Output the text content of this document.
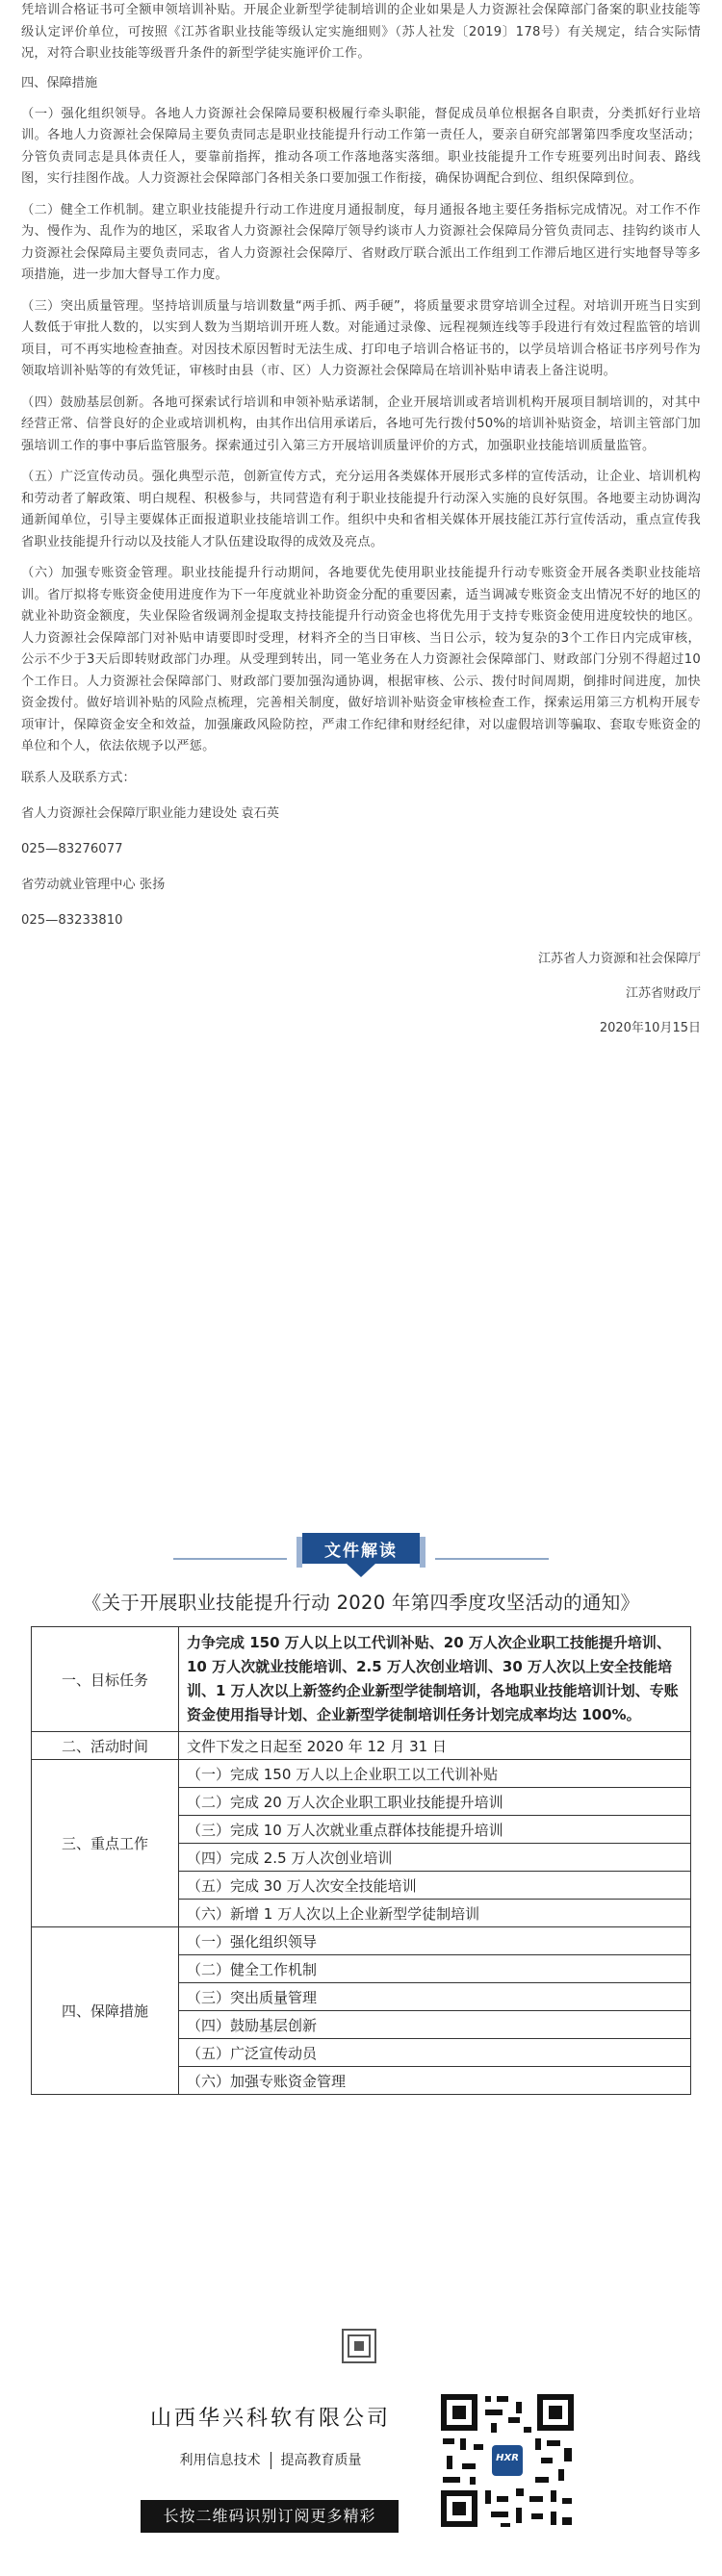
凭培训合格证书可全额申领培训补贴。开展企业新型学徒制培训的企业如果是人力资源社会保障部门备案的职业技能等级认定评价单位，可按照《江苏省职业技能等级认定实施细则》（苏人社发〔2019〕178号）有关规定，结合实际情况，对符合职业技能等级晋升条件的新型学徒实施评价工作。

四、保障措施

（一）强化组织领导。各地人力资源社会保障局要积极履行牵头职能，督促成员单位根据各自职责，分类抓好行业培训。各地人力资源社会保障局主要负责同志是职业技能提升行动工作第一责任人，要亲自研究部署第四季度攻坚活动；分管负责同志是具体责任人，要靠前指挥，推动各项工作落地落实落细。职业技能提升工作专班要列出时间表、路线图，实行挂图作战。人力资源社会保障部门各相关条口要加强工作衔接，确保协调配合到位、组织保障到位。

（二）健全工作机制。建立职业技能提升行动工作进度月通报制度，每月通报各地主要任务指标完成情况。对工作不作为、慢作为、乱作为的地区，采取省人力资源社会保障厅领导约谈市人力资源社会保障局分管负责同志、挂钩约谈市人力资源社会保障局主要负责同志，省人力资源社会保障厅、省财政厅联合派出工作组到工作滞后地区进行实地督导等多项措施，进一步加大督导工作力度。

（三）突出质量管理。坚持培训质量与培训数量“两手抓、两手硬”，将质量要求贯穿培训全过程。对培训开班当日实到人数低于审批人数的，以实到人数为当期培训开班人数。对能通过录像、远程视频连线等手段进行有效过程监管的培训项目，可不再实地检查抽查。对因技术原因暂时无法生成、打印电子培训合格证书的，以学员培训合格证书序列号作为领取培训补贴等的有效凭证，审核时由县（市、区）人力资源社会保障局在培训补贴申请表上备注说明。

（四）鼓励基层创新。各地可探索试行培训和申领补贴承诺制，企业开展培训或者培训机构开展项目制培训的，对其中经营正常、信誉良好的企业或培训机构，由其作出信用承诺后，各地可先行拨付50%的培训补贴资金，培训主管部门加强培训工作的事中事后监管服务。探索通过引入第三方开展培训质量评价的方式，加强职业技能培训质量监管。

（五）广泛宣传动员。强化典型示范，创新宣传方式，充分运用各类媒体开展形式多样的宣传活动，让企业、培训机构和劳动者了解政策、明白规程、积极参与，共同营造有利于职业技能提升行动深入实施的良好氛围。各地要主动协调沟通新闻单位，引导主要媒体正面报道职业技能培训工作。组织中央和省相关媒体开展技能江苏行宣传活动，重点宣传我省职业技能提升行动以及技能人才队伍建设取得的成效及亮点。

（六）加强专账资金管理。职业技能提升行动期间，各地要优先使用职业技能提升行动专账资金开展各类职业技能培训。省厅拟将专账资金使用进度作为下一年度就业补助资金分配的重要因素，适当调减专账资金支出情况不好的地区的就业补助资金额度，失业保险省级调剂金提取支持技能提升行动资金也将优先用于支持专账资金使用进度较快的地区。人力资源社会保障部门对补贴申请要即时受理，材料齐全的当日审核、当日公示，较为复杂的3个工作日内完成审核，公示不少于3天后即转财政部门办理。从受理到转出，同一笔业务在人力资源社会保障部门、财政部门分别不得超过10个工作日。人力资源社会保障部门、财政部门要加强沟通协调，根据审核、公示、拨付时间周期，倒排时间进度，加快资金拨付。做好培训补贴的风险点梳理，完善相关制度，做好培训补贴资金审核检查工作，探索运用第三方机构开展专项审计，保障资金安全和效益，加强廉政风险防控，严肃工作纪律和财经纪律，对以虚假培训等骗取、套取专账资金的单位和个人，依法依规予以严惩。

联系人及联系方式：

省人力资源社会保障厅职业能力建设处 袁石英

025—83276077

省劳动就业管理中心 张扬

025—83233810

江苏省人力资源和社会保障厅

江苏省财政厅

2020年10月15日

文件解读
《关于开展职业技能提升行动 2020 年第四季度攻坚活动的通知》
一、目标任务	力争完成 150 万人以上以工代训补贴、20 万人次企业职工技能提升培训、10 万人次就业技能培训、2.5 万人次创业培训、30 万人次以上安全技能培训、1 万人次以上新签约企业新型学徒制培训，各地职业技能培训计划、专账资金使用指导计划、企业新型学徒制培训任务计划完成率均达 100%。
二、活动时间	文件下发之日起至 2020 年 12 月 31 日
三、重点工作	（一）完成 150 万人以上企业职工以工代训补贴
	（二）完成 20 万人次企业职工职业技能提升培训
	（三）完成 10 万人次就业重点群体技能提升培训
	（四）完成 2.5 万人次创业培训
	（五）完成 30 万人次安全技能培训
	（六）新增 1 万人次以上企业新型学徒制培训
四、保障措施	（一）强化组织领导
	（二）健全工作机制
	（三）突出质量管理
	（四）鼓励基层创新
	（五）广泛宣传动员
	（六）加强专账资金管理
山西华兴科软有限公司
利用信息技术 提高教育质量
长按二维码识别订阅更多精彩
HXR
